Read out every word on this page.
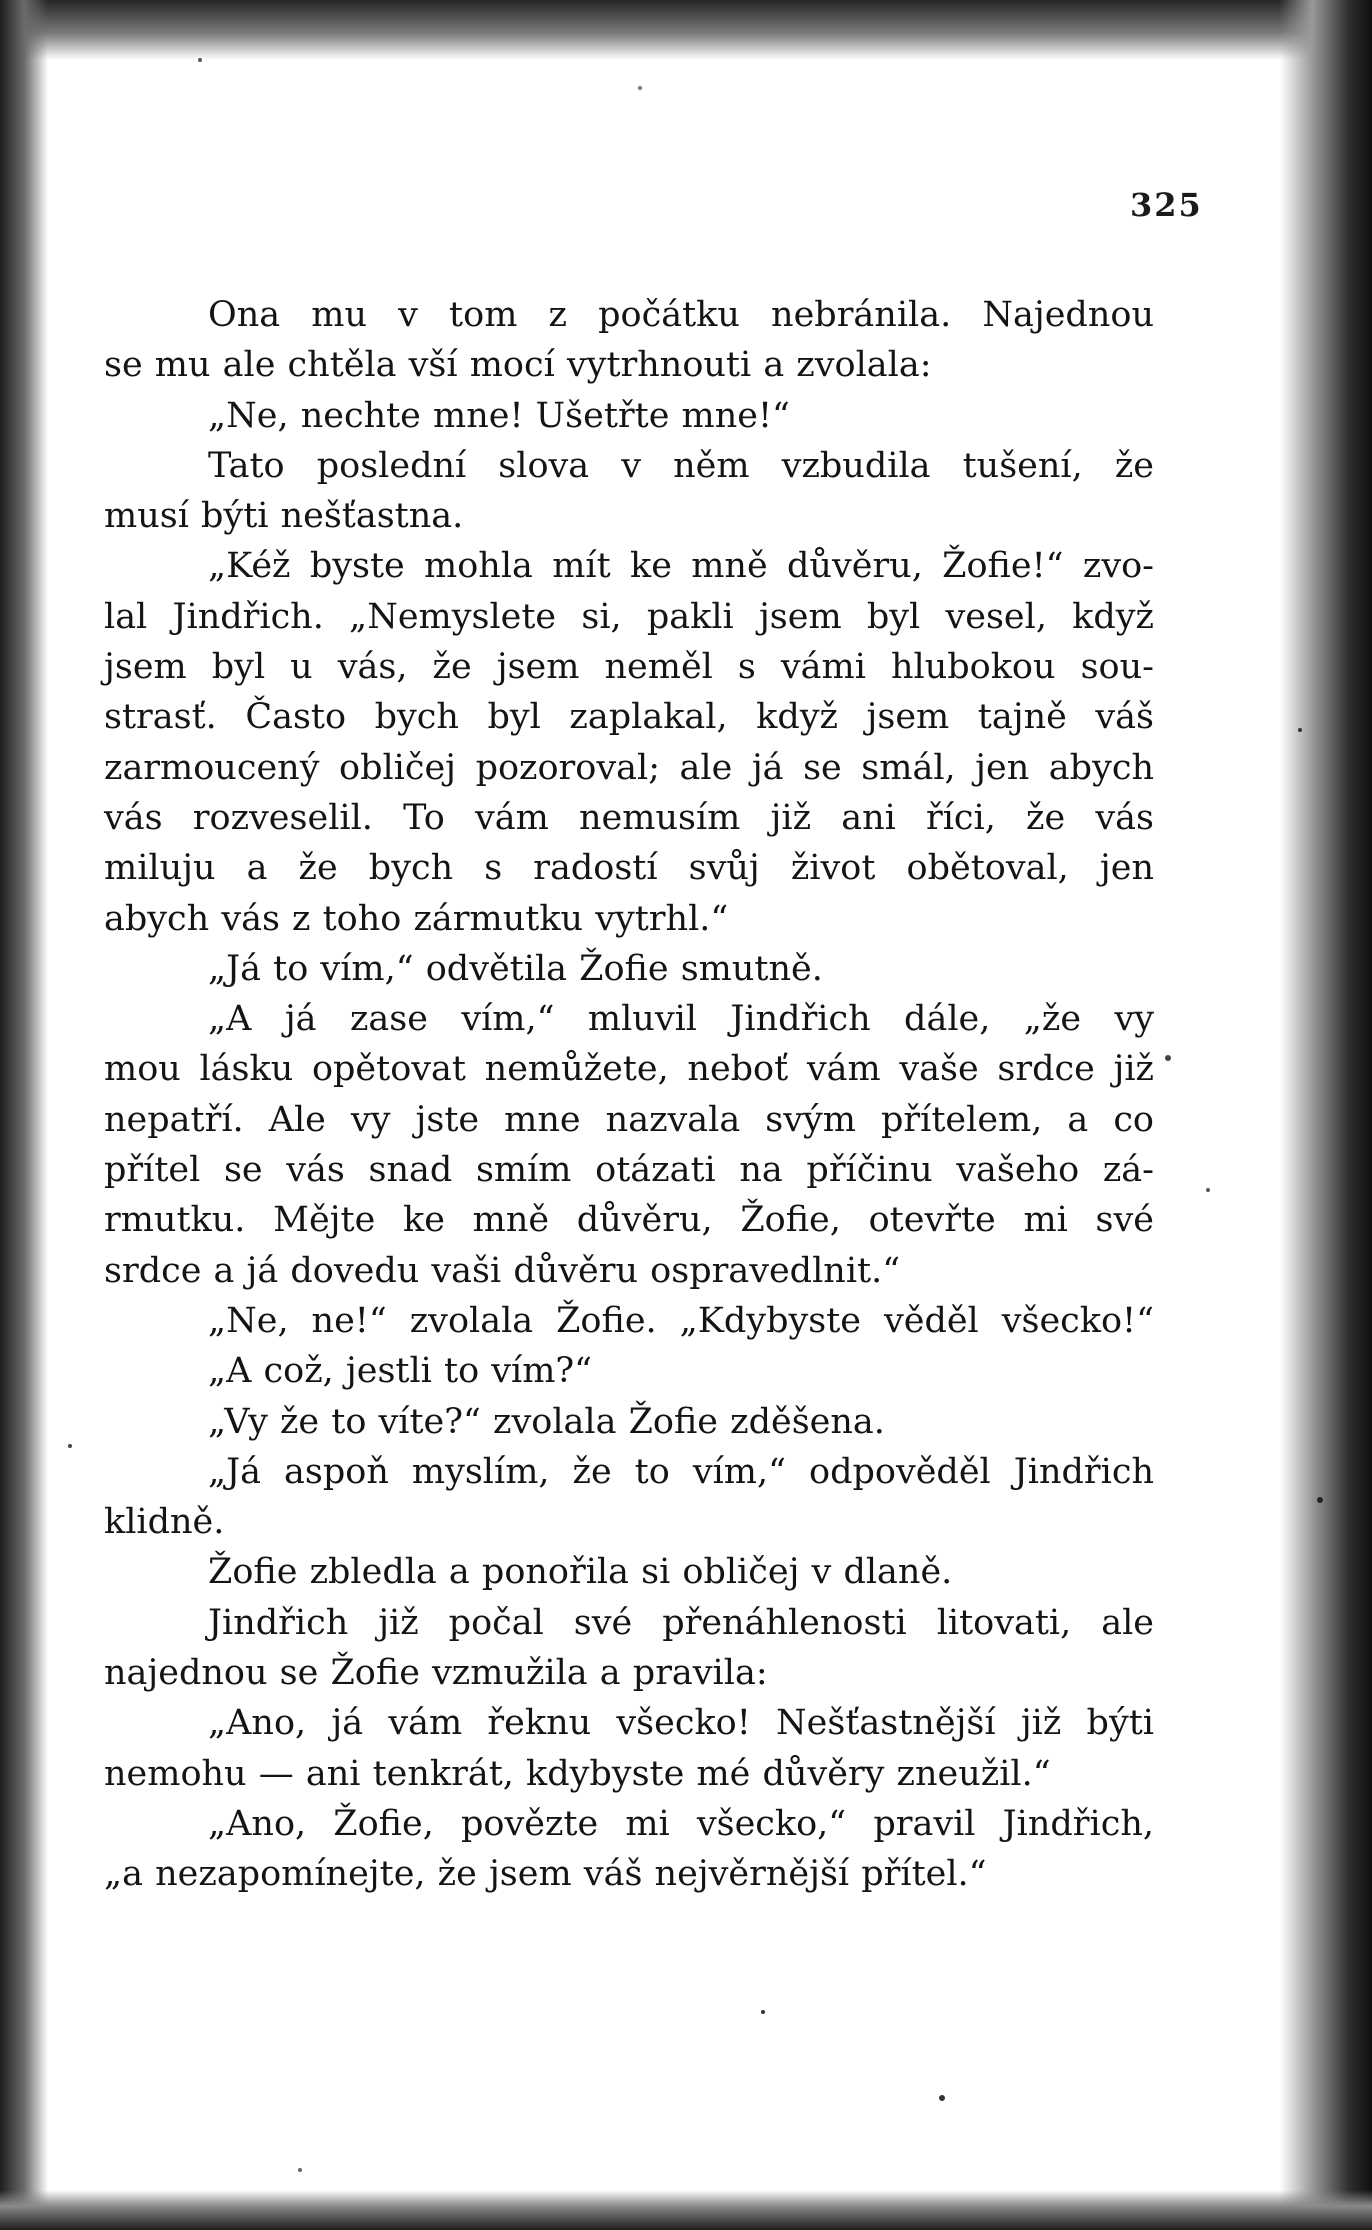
325
Ona mu v tom z počátku nebránila. Najednou
se mu ale chtěla vší mocí vytrhnouti a zvolala:
„Ne, nechte mne! Ušetřte mne!“
Tato poslední slova v něm vzbudila tušení, že
musí býti nešťastna.
„Kéž byste mohla mít ke mně důvěru, Žofie!“ zvo-
lal Jindřich. „Nemyslete si, pakli jsem byl vesel, když
jsem byl u vás, že jsem neměl s vámi hlubokou sou-
strasť. Často bych byl zaplakal, když jsem tajně váš
zarmoucený obličej pozoroval; ale já se smál, jen abych
vás rozveselil. To vám nemusím již ani říci, že vás
miluju a že bych s radostí svůj život obětoval, jen
abych vás z toho zármutku vytrhl.“
„Já to vím,“ odvětila Žofie smutně.
„A já zase vím,“ mluvil Jindřich dále, „že vy
mou lásku opětovat nemůžete, neboť vám vaše srdce již
nepatří. Ale vy jste mne nazvala svým přítelem, a co
přítel se vás snad smím otázati na příčinu vašeho zá-
rmutku. Mějte ke mně důvěru, Žofie, otevřte mi své
srdce a já dovedu vaši důvěru ospravedlnit.“
„Ne, ne!“ zvolala Žofie. „Kdybyste věděl všecko!“
„A což, jestli to vím?“
„Vy že to víte?“ zvolala Žofie zděšena.
„Já aspoň myslím, že to vím,“ odpověděl Jindřich
klidně.
Žofie zbledla a ponořila si obličej v dlaně.
Jindřich již počal své přenáhlenosti litovati, ale
najednou se Žofie vzmužila a pravila:
„Ano, já vám řeknu všecko! Nešťastnější již býti
nemohu — ani tenkrát, kdybyste mé důvěry zneužil.“
„Ano, Žofie, povězte mi všecko,“ pravil Jindřich,
„a nezapomínejte, že jsem váš nejvěrnější přítel.“
